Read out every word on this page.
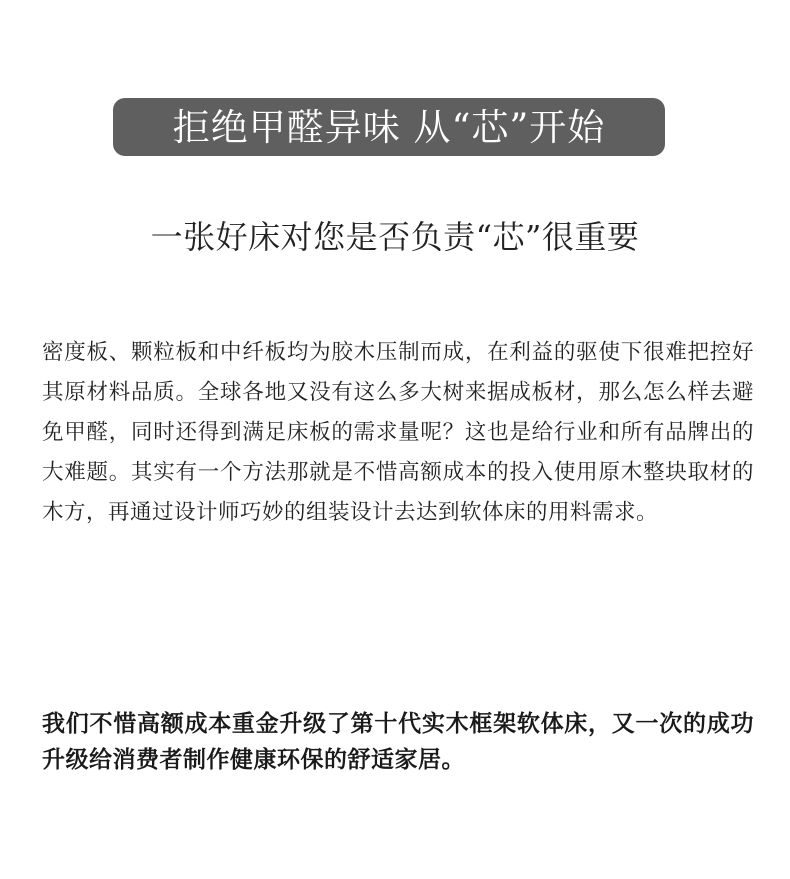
拒绝甲醛异味 从“芯”开始
一张好床对您是否负责“芯”很重要

密度板、颗粒板和中纤板均为胶木压制而成，在利益的驱使下很难把控好其原材料品质。全球各地又没有这么多大树来据成板材，那么怎么样去避免甲醛，同时还得到满足床板的需求量呢？这也是给行业和所有品牌出的大难题。其实有一个方法那就是不惜高额成本的投入使用原木整块取材的木方，再通过设计师巧妙的组装设计去达到软体床的用料需求。

我们不惜高额成本重金升级了第十代实木框架软体床，又一次的成功升级给消费者制作健康环保的舒适家居。
